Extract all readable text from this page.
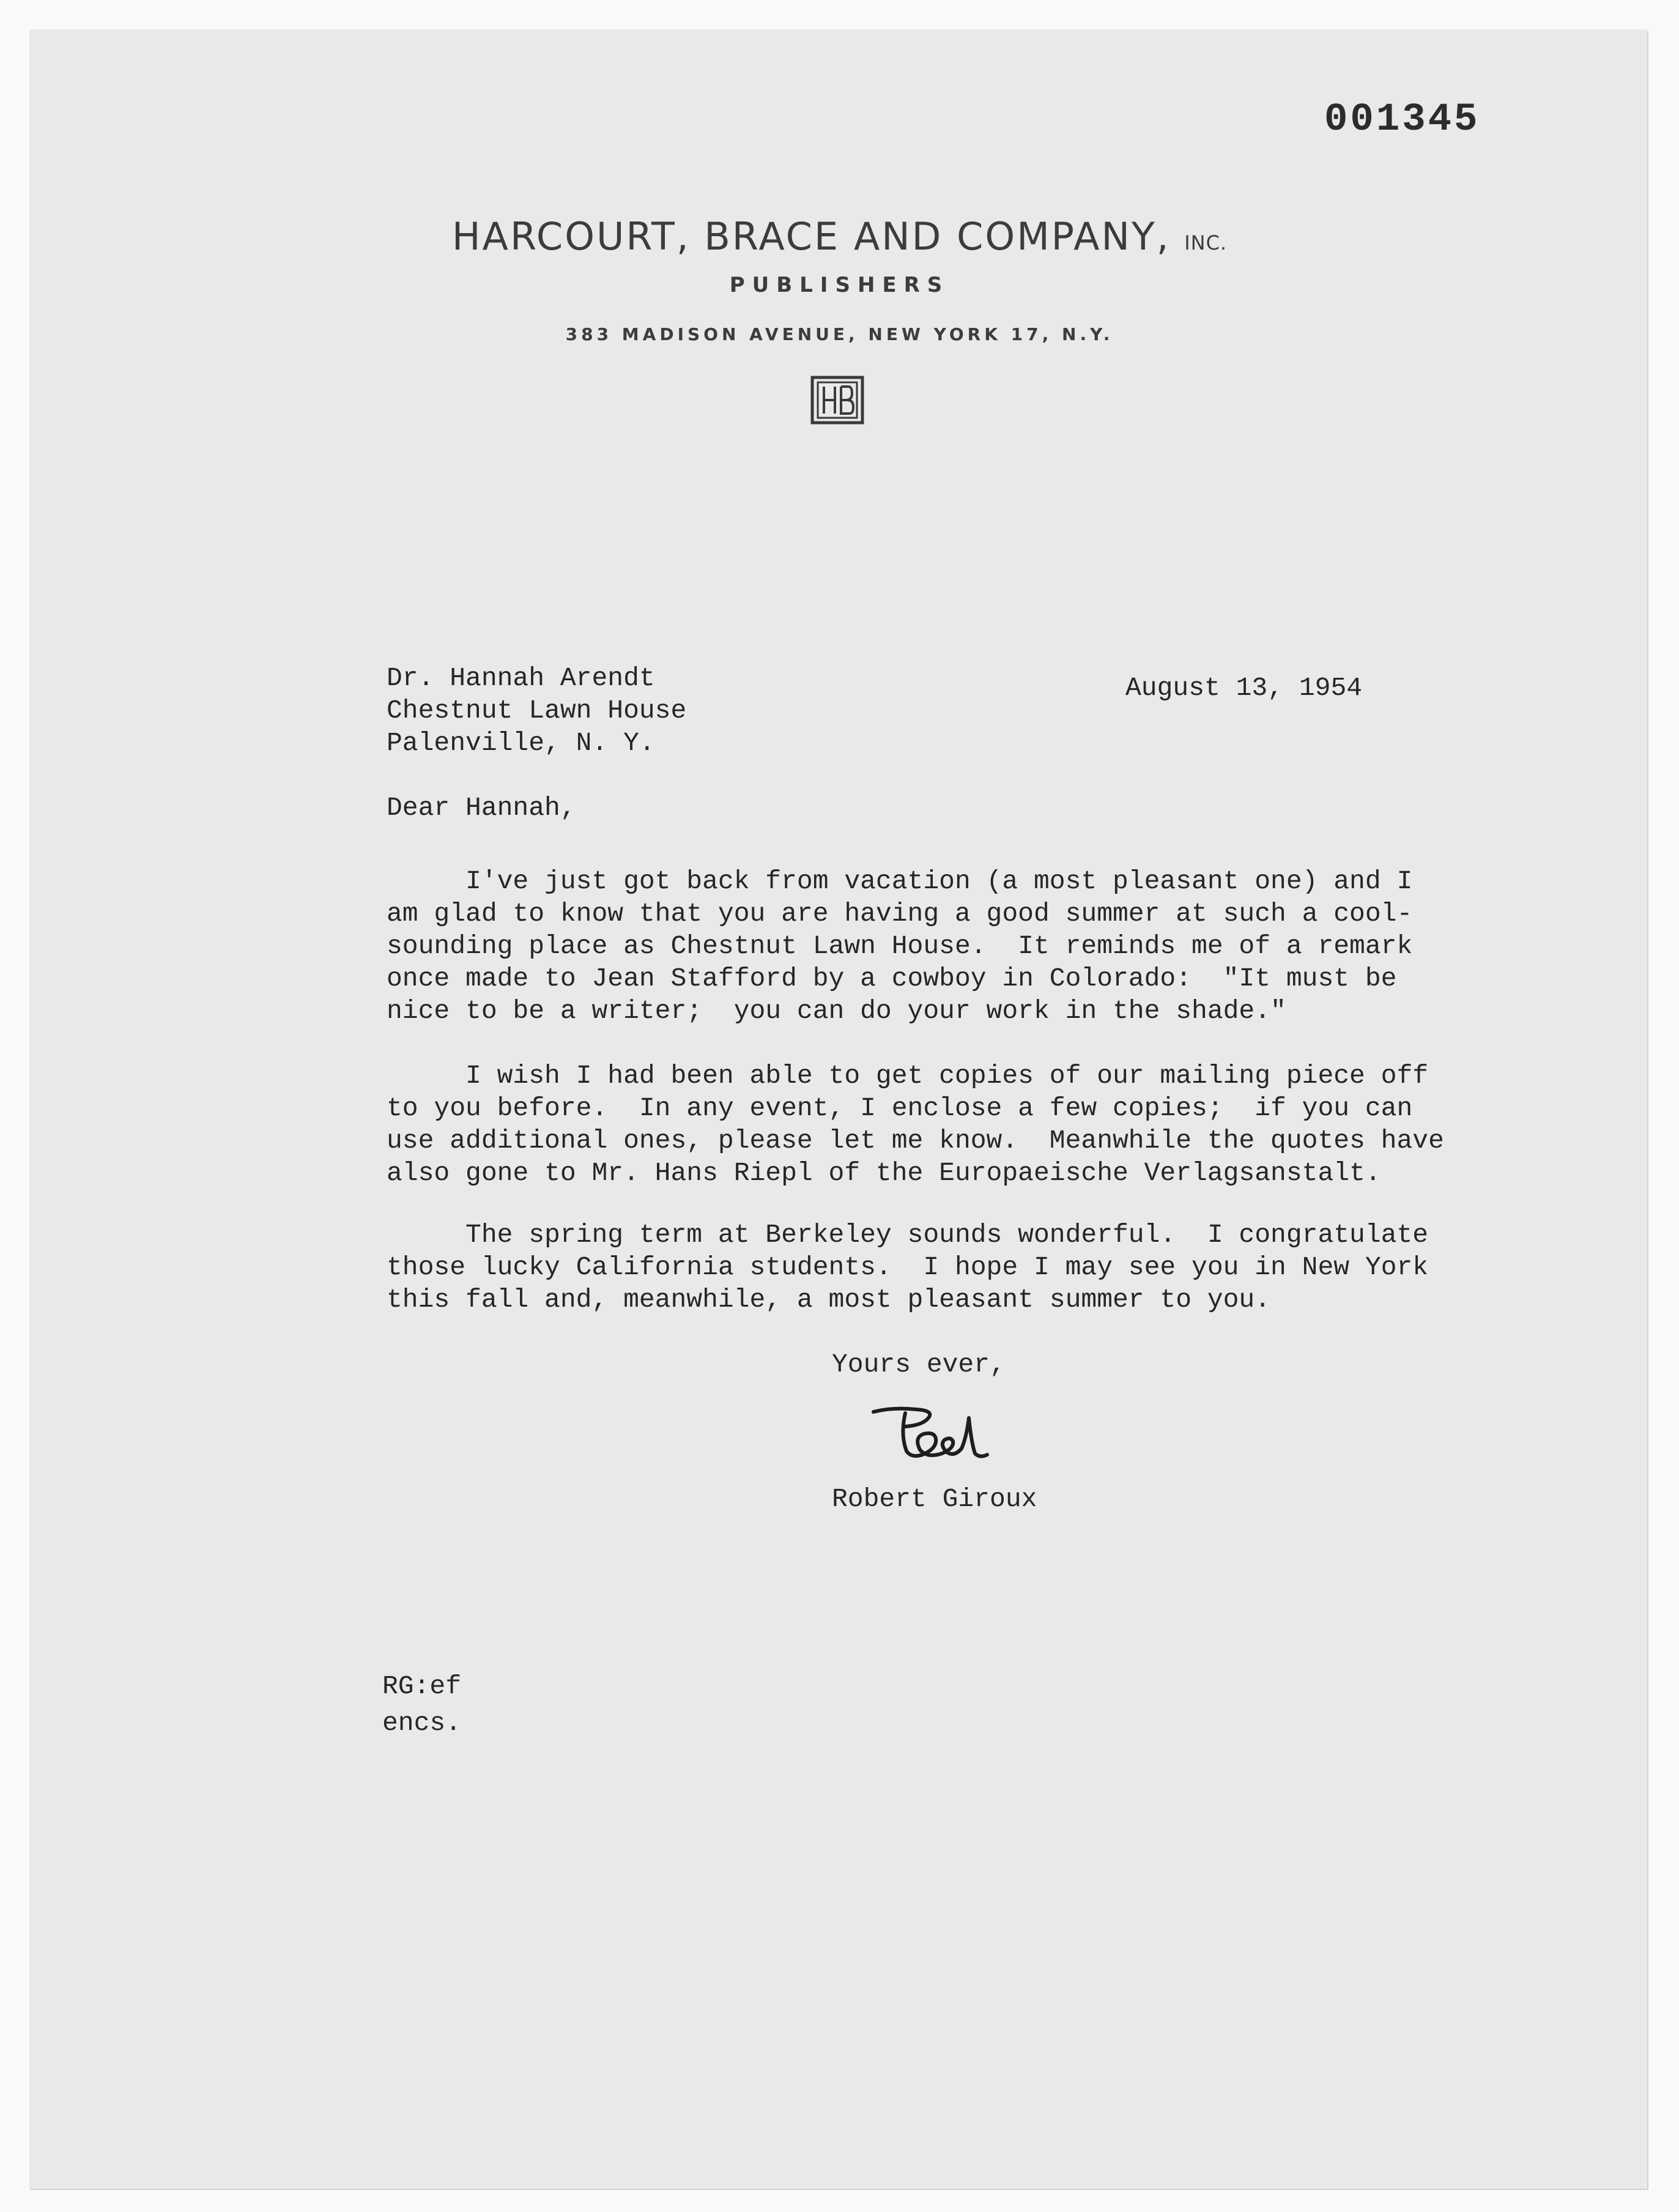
001345
HARCOURT, BRACE AND COMPANY, INC.
PUBLISHERS
383 MADISON AVENUE, NEW YORK 17, N.Y.
HB
Dr. Hannah Arendt
Chestnut Lawn House
Palenville, N. Y.
August 13, 1954
Dear Hannah,
I've just got back from vacation (a most pleasant one) and I
am glad to know that you are having a good summer at such a cool-
sounding place as Chestnut Lawn House.  It reminds me of a remark
once made to Jean Stafford by a cowboy in Colorado:  "It must be
nice to be a writer;  you can do your work in the shade."
I wish I had been able to get copies of our mailing piece off
to you before.  In any event, I enclose a few copies;  if you can
use additional ones, please let me know.  Meanwhile the quotes have
also gone to Mr. Hans Riepl of the Europaeische Verlagsanstalt.
The spring term at Berkeley sounds wonderful.  I congratulate
those lucky California students.  I hope I may see you in New York
this fall and, meanwhile, a most pleasant summer to you.
Yours ever,
Bob
Robert Giroux
RG:ef
encs.
